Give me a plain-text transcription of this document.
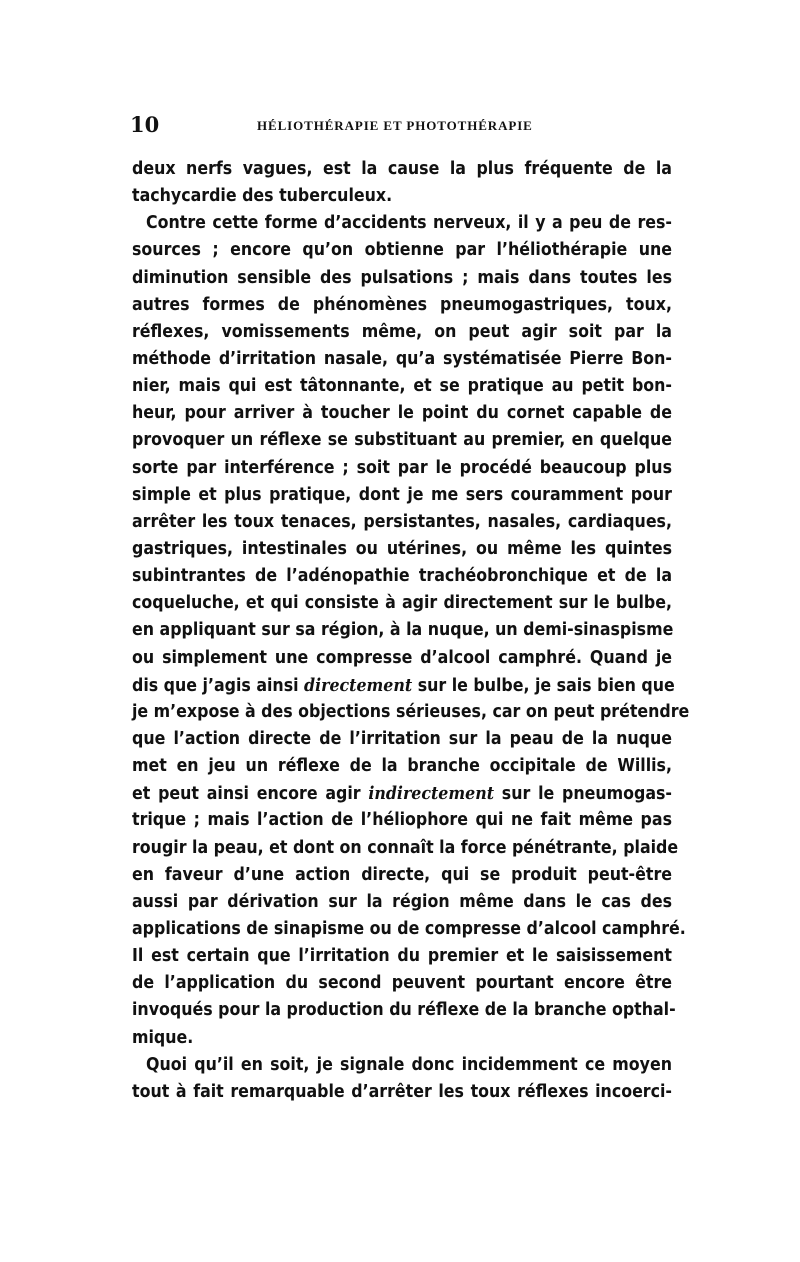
10	HÉLIOTHÉRAPIE ET PHOTOTHÉRAPIE
deux nerfs vagues, est la cause la plus fréquente de la
tachycardie des tuberculeux.
Contre cette forme d’accidents nerveux, il y a peu de res-
sources ; encore qu’on obtienne par l’héliothérapie une
diminution sensible des pulsations ; mais dans toutes les
autres formes de phénomènes pneumogastriques, toux,
réflexes, vomissements même, on peut agir soit par la
méthode d’irritation nasale, qu’a systématisée Pierre Bon-
nier, mais qui est tâtonnante, et se pratique au petit bon-
heur, pour arriver à toucher le point du cornet capable de
provoquer un réflexe se substituant au premier, en quelque
sorte par interférence ; soit par le procédé beaucoup plus
simple et plus pratique, dont je me sers couramment pour
arrêter les toux tenaces, persistantes, nasales, cardiaques,
gastriques, intestinales ou utérines, ou même les quintes
subintrantes de l’adénopathie trachéobronchique et de la
coqueluche, et qui consiste à agir directement sur le bulbe,
en appliquant sur sa région, à la nuque, un demi-sinaspisme
ou simplement une compresse d’alcool camphré. Quand je
dis que j’agis ainsi directement sur le bulbe, je sais bien que
je m’expose à des objections sérieuses, car on peut prétendre
que l’action directe de l’irritation sur la peau de la nuque
met en jeu un réflexe de la branche occipitale de Willis,
et peut ainsi encore agir indirectement sur le pneumogas-
trique ; mais l’action de l’héliophore qui ne fait même pas
rougir la peau, et dont on connaît la force pénétrante, plaide
en faveur d’une action directe, qui se produit peut-être
aussi par dérivation sur la région même dans le cas des
applications de sinapisme ou de compresse d’alcool camphré.
Il est certain que l’irritation du premier et le saisissement
de l’application du second peuvent pourtant encore être
invoqués pour la production du réflexe de la branche opthal-
mique.
Quoi qu’il en soit, je signale donc incidemment ce moyen
tout à fait remarquable d’arrêter les toux réflexes incoerci-
